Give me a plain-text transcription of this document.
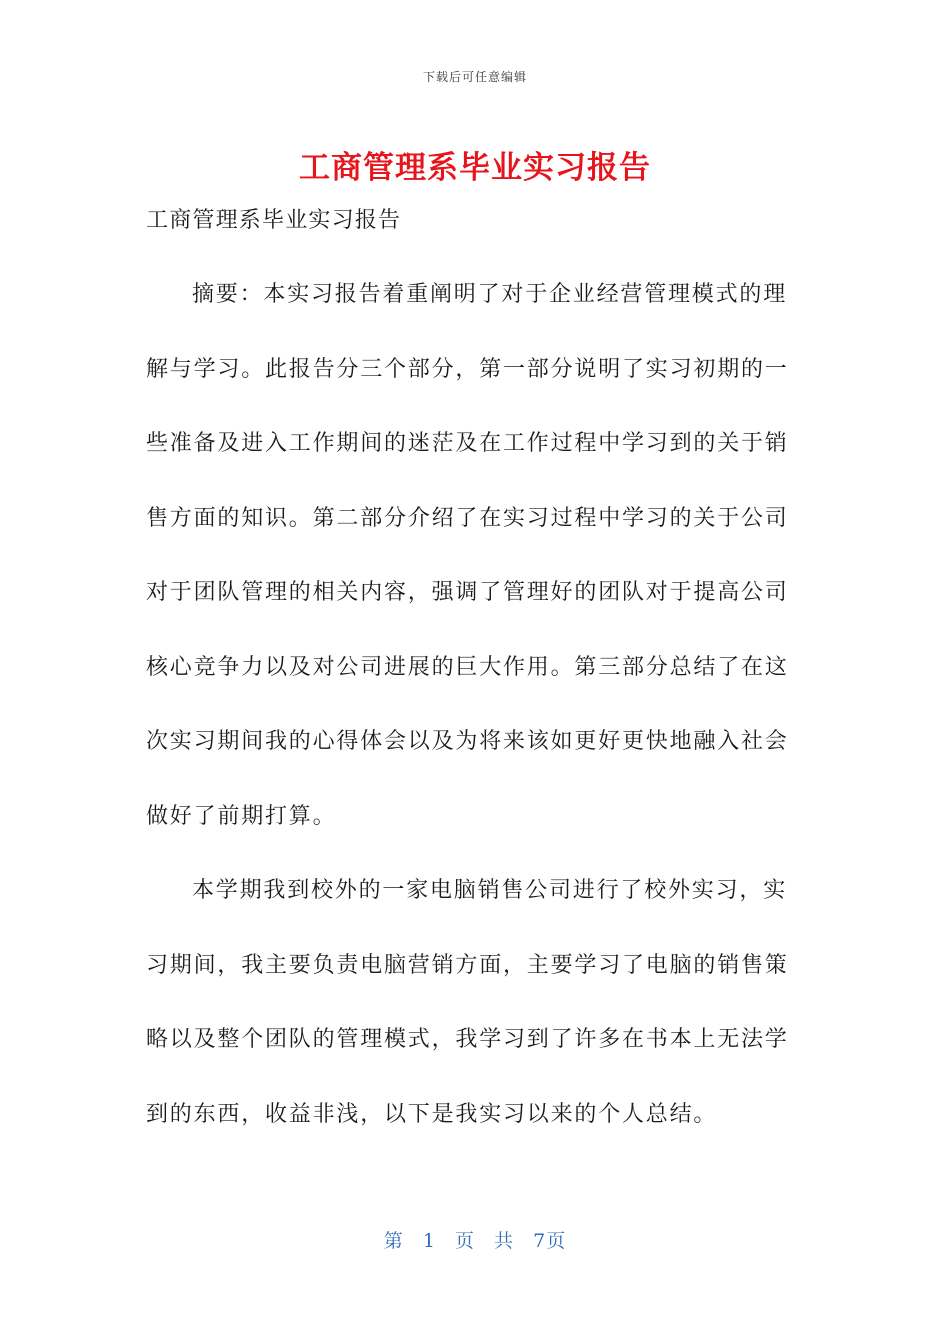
下载后可任意编辑
工商管理系毕业实习报告
工商管理系毕业实习报告
摘要：本实习报告着重阐明了对于企业经营管理模式的理
解与学习。此报告分三个部分，第一部分说明了实习初期的一
些准备及进入工作期间的迷茫及在工作过程中学习到的关于销
售方面的知识。第二部分介绍了在实习过程中学习的关于公司
对于团队管理的相关内容，强调了管理好的团队对于提高公司
核心竞争力以及对公司进展的巨大作用。第三部分总结了在这
次实习期间我的心得体会以及为将来该如更好更快地融入社会
做好了前期打算。
本学期我到校外的一家电脑销售公司进行了校外实习，实
习期间，我主要负责电脑营销方面，主要学习了电脑的销售策
略以及整个团队的管理模式，我学习到了许多在书本上无法学
到的东西，收益非浅，以下是我实习以来的个人总结。
第 1 页 共 7页
